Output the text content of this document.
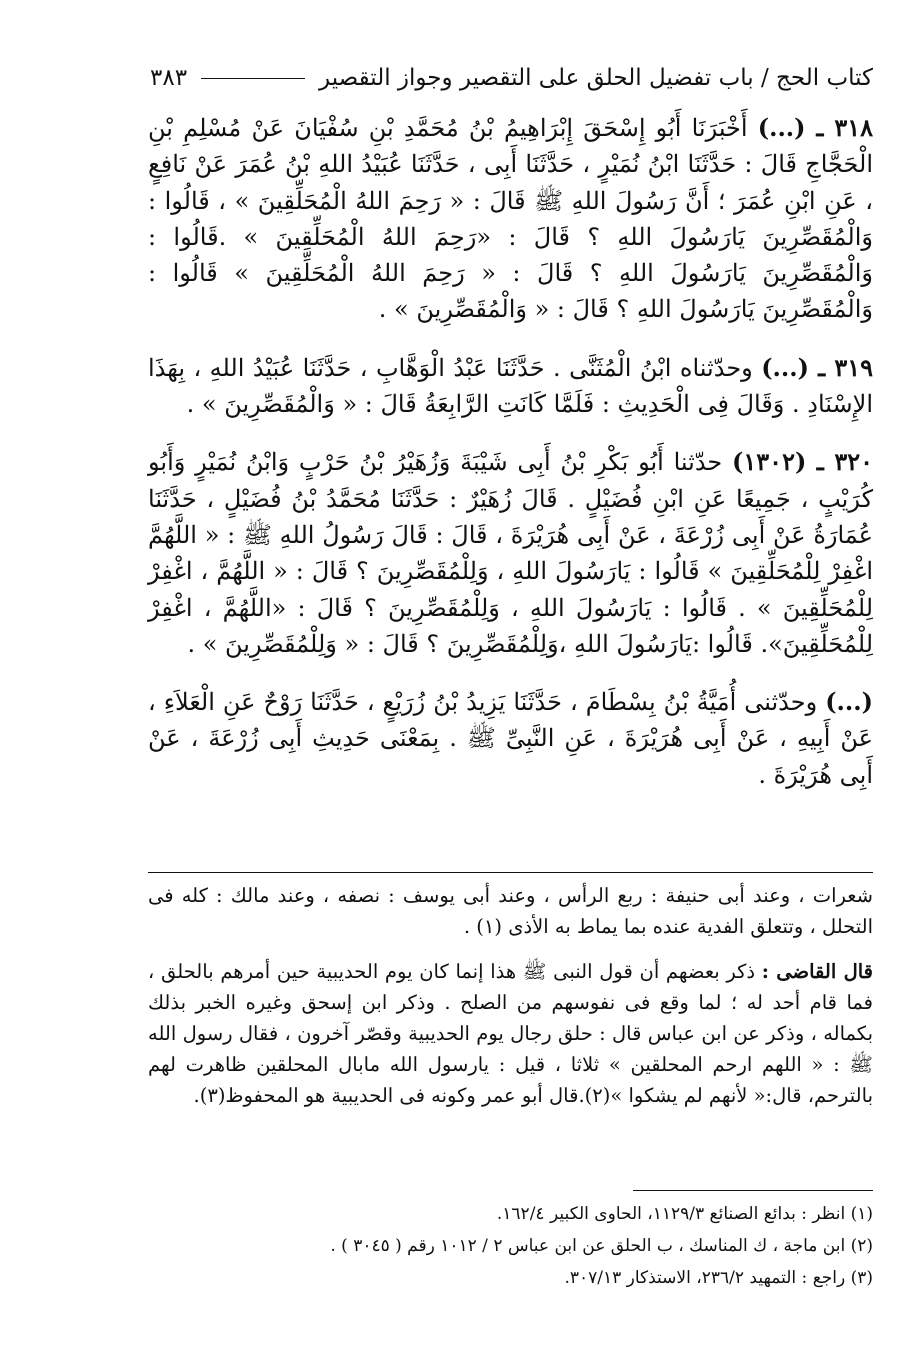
كتاب الحج / باب تفضيل الحلق على التقصير وجواز التقصير
٣٨٣

٣١٨ ـ (...) أَخْبَرَنَا أَبُو إِسْحَقَ إِبْرَاهِيمُ بْنُ مُحَمَّدِ بْنِ سُفْيَانَ عَنْ مُسْلِمِ بْنِ الْحَجَّاجِ قَالَ : حَدَّثَنَا ابْنُ نُمَيْرٍ ، حَدَّثَنَا أَبِى ، حَدَّثَنَا عُبَيْدُ اللهِ بْنُ عُمَرَ عَنْ نَافِعٍ ، عَنِ ابْنِ عُمَرَ ؛ أَنَّ رَسُولَ اللهِ ﷺ قَالَ : « رَحِمَ اللهُ الْمُحَلِّقِينَ » ، قَالُوا : وَالْمُقَصِّرِينَ يَارَسُولَ اللهِ ؟ قَالَ : «رَحِمَ اللهُ الْمُحَلِّقِينَ » .قَالُوا : وَالْمُقَصِّرِينَ يَارَسُولَ اللهِ ؟ قَالَ : « رَحِمَ اللهُ الْمُحَلِّقِينَ » قَالُوا : وَالْمُقَصِّرِينَ يَارَسُولَ اللهِ ؟ قَالَ : « وَالْمُقَصِّرِينَ » .

٣١٩ ـ (...) وحدّثناه ابْنُ الْمُثَنَّى . حَدَّثَنَا عَبْدُ الْوَهَّابِ ، حَدَّثَنَا عُبَيْدُ اللهِ ، بِهَذَا الإِسْنَادِ . وَقَالَ فِى الْحَدِيثِ : فَلَمَّا كَانَتِ الرَّابِعَةُ قَالَ : « وَالْمُقَصِّرِينَ » .

٣٢٠ ـ (١٣٠٢) حدّثنا أَبُو بَكْرِ بْنُ أَبِى شَيْبَةَ وَزُهَيْرُ بْنُ حَرْبٍ وَابْنُ نُمَيْرٍ وَأَبُو كُرَيْبٍ ، جَمِيعًا عَنِ ابْنِ فُضَيْلٍ . قَالَ زُهَيْرٌ : حَدَّثَنَا مُحَمَّدُ بْنُ فُضَيْلٍ ، حَدَّثَنَا عُمَارَةُ عَنْ أَبِى زُرْعَةَ ، عَنْ أَبِى هُرَيْرَةَ ، قَالَ : قَالَ رَسُولُ اللهِ ﷺ : « اللَّهُمَّ اغْفِرْ لِلْمُحَلِّقِينَ » قَالُوا : يَارَسُولَ اللهِ ، وَلِلْمُقَصِّرِينَ ؟ قَالَ : « اللَّهُمَّ ، اغْفِرْ لِلْمُحَلِّقِينَ » . قَالُوا : يَارَسُولَ اللهِ ، وَلِلْمُقَصِّرِينَ ؟ قَالَ : «اللَّهُمَّ ، اغْفِرْ لِلْمُحَلِّقِينَ». قَالُوا :يَارَسُولَ اللهِ ،وَلِلْمُقَصِّرِينَ ؟ قَالَ : « وَلِلْمُقَصِّرِينَ » .

(...) وحدّثنى أُمَيَّةُ بْنُ بِسْطَامَ ، حَدَّثَنَا يَزِيدُ بْنُ زُرَيْعٍ ، حَدَّثَنَا رَوْحٌ عَنِ الْعَلاَءِ ، عَنْ أَبِيهِ ، عَنْ أَبِى هُرَيْرَةَ ، عَنِ النَّبِىِّ ﷺ . بِمَعْنَى حَدِيثِ أَبِى زُرْعَةَ ، عَنْ أَبِى هُرَيْرَةَ .

شعرات ، وعند أبى حنيفة : ربع الرأس ، وعند أبى يوسف : نصفه ، وعند مالك : كله فى التحلل ، وتتعلق الفدية عنده بما يماط به الأذى (١) .

قال القاضى : ذكر بعضهم أن قول النبى ﷺ هذا إنما كان يوم الحديبية حين أمرهم بالحلق ، فما قام أحد له ؛ لما وقع فى نفوسهم من الصلح . وذكر ابن إسحق وغيره الخبر بذلك بكماله ، وذكر عن ابن عباس قال : حلق رجال يوم الحديبية وقصّر آخرون ، فقال رسول الله ﷺ : « اللهم ارحم المحلقين » ثلاثا ، قيل : يارسول الله مابال المحلقين ظاهرت لهم بالترحم، قال:« لأنهم لم يشكوا »(٢).قال أبو عمر وكونه فى الحديبية هو المحفوظ(٣).

(١) انظر : بدائع الصنائع ١١٢٩/٣، الحاوى الكبير ١٦٢/٤.

(٢) ابن ماجة ، ك المناسك ، ب الحلق عن ابن عباس ٢ / ١٠١٢ رقم ( ٣٠٤٥ ) .

(٣) راجع : التمهيد ٢٣٦/٢، الاستذكار ٣٠٧/١٣.
